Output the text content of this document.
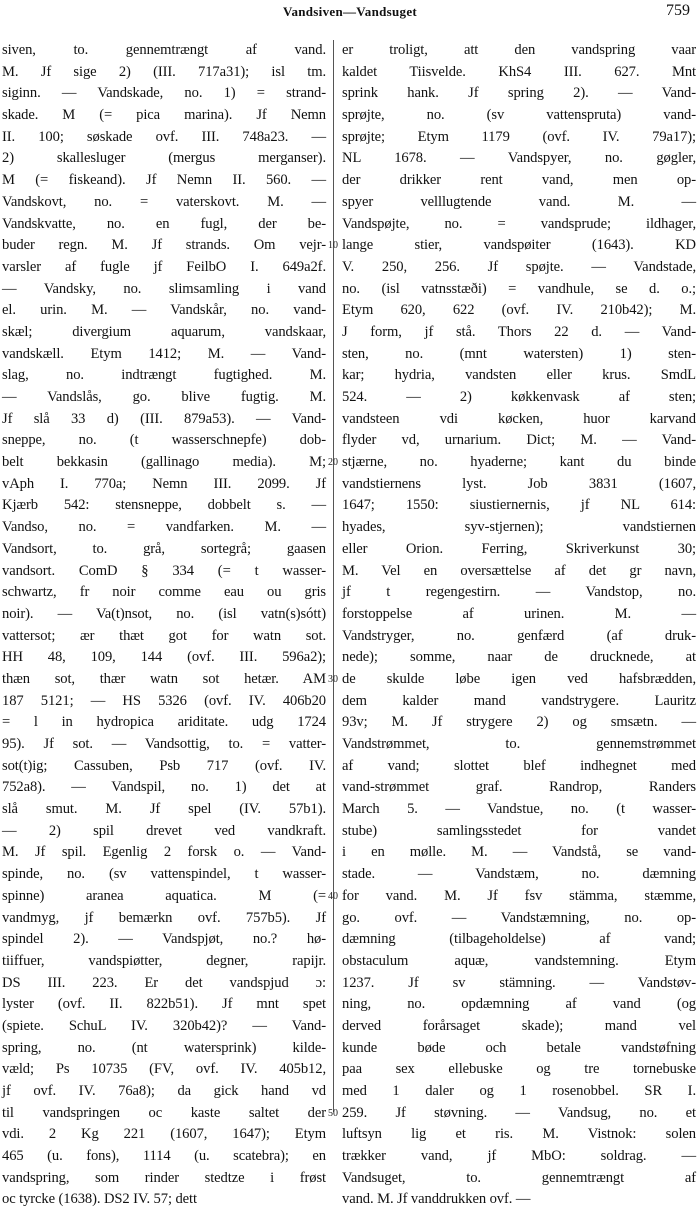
Vandsiven—Vandsuget	759
siven, to. gennemtrængt af vand.
M. Jf sige 2) (III. 717a31); isl tm.
siginn. — Vandskade, no. 1) = strand-
skade. M (= pica marina). Jf Nemn
II. 100; søskade ovf. III. 748a23. —
2) skallesluger (mergus merganser).
M (= fiskeand). Jf Nemn II. 560. —
Vandskovt, no. = vaterskovt. M. —
Vandskvatte, no. en fugl, der be-
buder regn. M. Jf strands. Om vejr-
varsler af fugle jf FeilbO I. 649a2f.
— Vandsky, no. slimsamling i vand
el. urin. M. — Vandskår, no. vand-
skæl; divergium aquarum, vandskaar,
vandskæll. Etym 1412; M. — Vand-
slag, no. indtrængt fugtighed. M.
— Vandslås, go. blive fugtig. M.
Jf slå 33 d) (III. 879a53). — Vand-
sneppe, no. (t wasserschnepfe) dob-
belt bekkasin (gallinago media). M;
vAph I. 770a; Nemn III. 2099. Jf
Kjærb 542: stensneppe, dobbelt s. —
Vandso, no. = vandfarken. M. —
Vandsort, to. grå, sortegrå; gaasen
vandsort. ComD § 334 (= t wasser-
schwartz, fr noir comme eau ou gris
noir). — Va(t)nsot, no. (isl vatn(s)sótt)
vattersot; ær thæt got for watn sot.
HH 48, 109, 144 (ovf. III. 596a2);
thæn sot, thær watn sot hetær. AM
187 5121; — HS 5326 (ovf. IV. 406b20
= l in hydropica ariditate. udg 1724
95). Jf sot. — Vandsottig, to. = vatter-
sot(t)ig; Cassuben, Psb 717 (ovf. IV.
752a8). — Vandspil, no. 1) det at
slå smut. M. Jf spel (IV. 57b1).
— 2) spil drevet ved vandkraft.
M. Jf spil. Egenlig 2 forsk o. — Vand-
spinde, no. (sv vattenspindel, t wasser-
spinne) aranea aquatica. M (=
vandmyg, jf bemærkn ovf. 757b5). Jf
spindel 2). — Vandspjøt, no.? hø-
tiiffuer, vandspiøtter, degner, rapijr.
DS III. 223. Er det vandspjud ɔ:
lyster (ovf. II. 822b51). Jf mnt spet
(spiete. SchuL IV. 320b42)? — Vand-
spring, no. (nt watersprink) kilde-
væld; Ps 10735 (FV, ovf. IV. 405b12,
jf ovf. IV. 76a8); da gick hand vd
til vandspringen oc kaste saltet der
vdi. 2 Kg 221 (1607, 1647); Etym
465 (u. fons), 1114 (u. scatebra); en
vandspring, som rinder stedtze i frøst
oc tyrcke (1638). DS2 IV. 57; dett
10
20
30
40
50
er troligt, att den vandspring vaar
kaldet Tiisvelde. KhS4 III. 627. Mnt
sprink hank. Jf spring 2). — Vand-
sprøjte, no. (sv vattensprutа) vand-
sprøjte; Etym 1179 (ovf. IV. 79a17);
NL 1678. — Vandspyer, no. gøgler,
der drikker rent vand, men op-
spyer velllugtende vand. M. —
Vandspøjte, no. = vandsprude; ildhager,
lange stier, vandspøiter (1643). KD
V. 250, 256. Jf spøjte. — Vandstade,
no. (isl vatnsstæði) = vandhule, se d. o.;
Etym 620, 622 (ovf. IV. 210b42); M.
J form, jf stå. Thors 22 d. — Vand-
sten, no. (mnt watersten) 1) sten-
kar; hydria, vandsten eller krus. SmdL
524. — 2) køkkenvask af sten;
vandsteen vdi køcken, huor karvand
flyder vd, urnarium. Dict; M. — Vand-
stjærne, no. hyaderne; kant du binde
vandstiernens lyst. Job 3831 (1607,
1647; 1550: siustiernernis, jf NL 614:
hyades, syv-stjernen); vandstiernen
eller Orion. Ferring, Skriverkunst 30;
M. Vel en oversættelse af det gr navn,
jf t regengestirn. — Vandstop, no.
forstoppelse af urinen. M. —
Vandstryger, no. genfærd (af druk-
nede); somme, naar de drucknede, at
de skulde løbe igen ved hafsbrædden,
dem kalder mand vandstrygere. Lauritz
93v; M. Jf strygere 2) og smsætn. —
Vandstrømmet, to. gennemstrømmet
af vand; slottet blef indhegnet med
vand-strømmet graf. Randrop, Randers
March 5. — Vandstue, no. (t wasser-
stube) samlingsstedet for vandet
i en mølle. M. — Vandstå, se vand-
stade. — Vandstæm, no. dæmning
for vand. M. Jf fsv stämma, stæmme,
go. ovf. — Vandstæmning, no. op-
dæmning (tilbageholdelse) af vand;
obstaculum aquæ, vandstemning. Etym
1237. Jf sv stämning. — Vandstøv-
ning, no. opdæmning af vand (og
derved forårsaget skade); mand vel
kunde bøde och betale vandstøfning
paa sex ellebuske og tre tornebuske
med 1 daler og 1 rosenobbel. SR I.
259. Jf støvning. — Vandsug, no. et
luftsyn lig et ris. M. Vistnok: solen
trækker vand, jf MbO: soldrag. —
Vandsuget, to. gennemtrængt af
vand. M. Jf vanddrukken ovf. —
